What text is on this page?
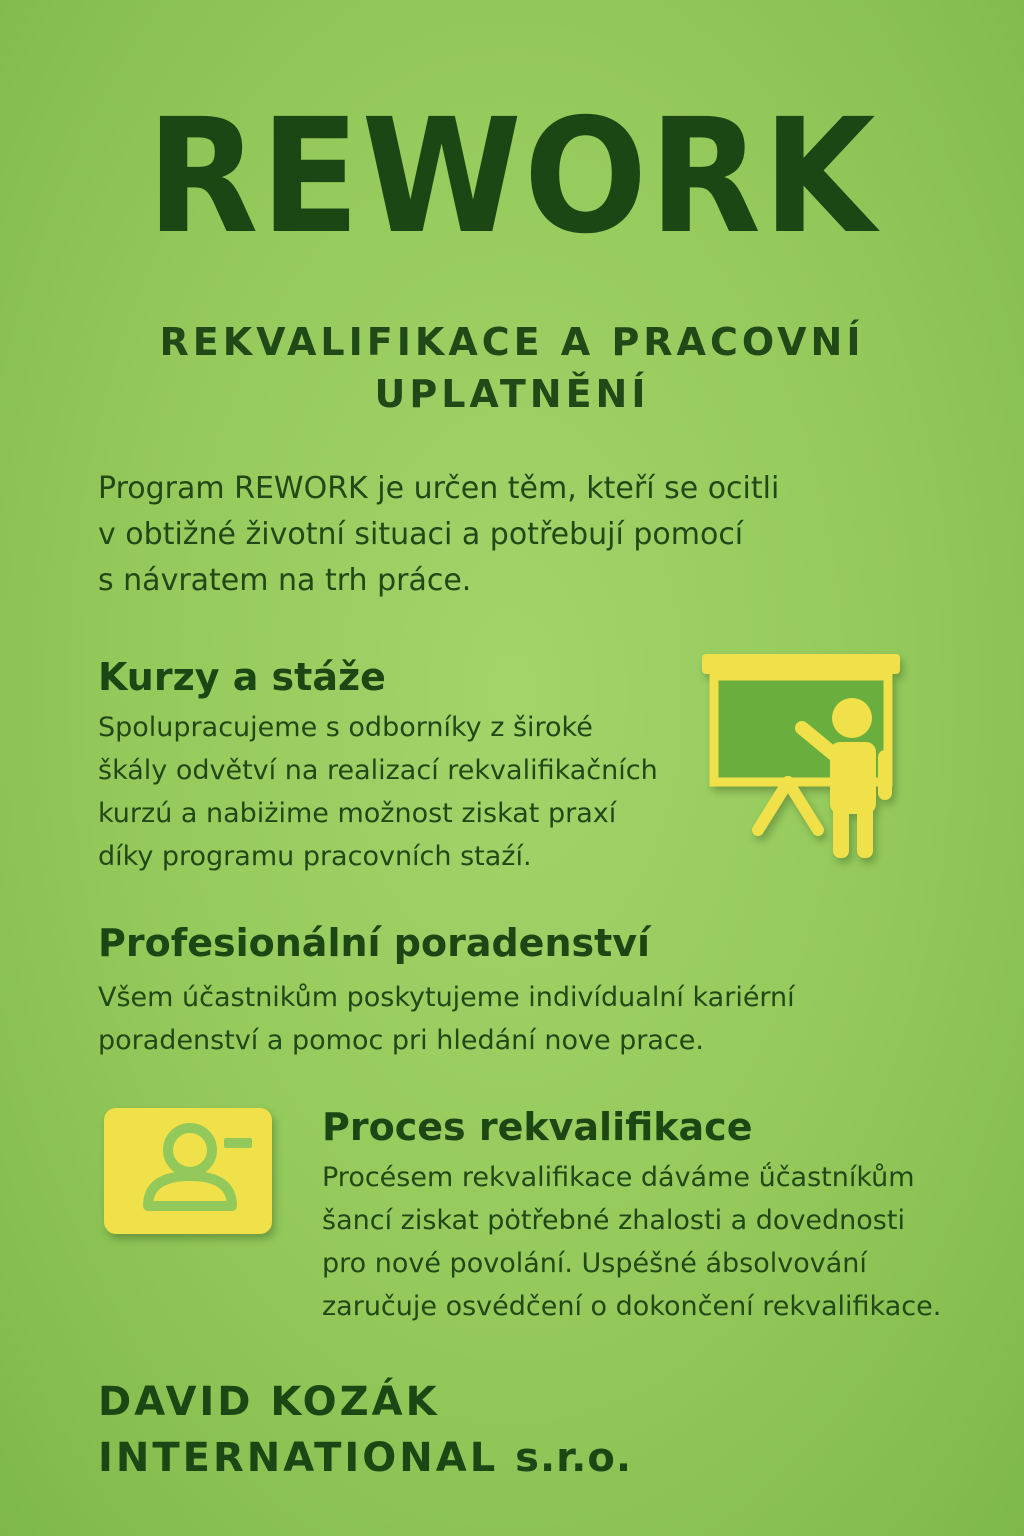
REWORK
REKVALIFIKACE A PRACOVNÍ
UPLATNĚNÍ
Program REWORK je určen těm, kteří se ocitli
v obtižné životní situaci a potřebují pomocí
s návratem na trh práce.
Kurzy a stáže
Spolupracujeme s odborníky z široké
škály odvětví na realizací rekvalifikačních
kurzú a nabiżime možnost ziskat praxí
díky programu pracovních staźí.
Profesionální poradenství
Všem účastnikům poskytujeme indivídualní kariérní
poradenství a pomoc pri hledání nove prace.
Proces rekvalifikace
Procésem rekvalifikace dáváme ǘčastníkům
šancí ziskat pȯtřebné zhalosti a dovednosti
pro nové povolání. Uspéšné ábsolvování
zaručuje osvédčení o dokončení rekvalifikace.
DAVID KOZÁK
INTERNATIONAL s.r.o.
